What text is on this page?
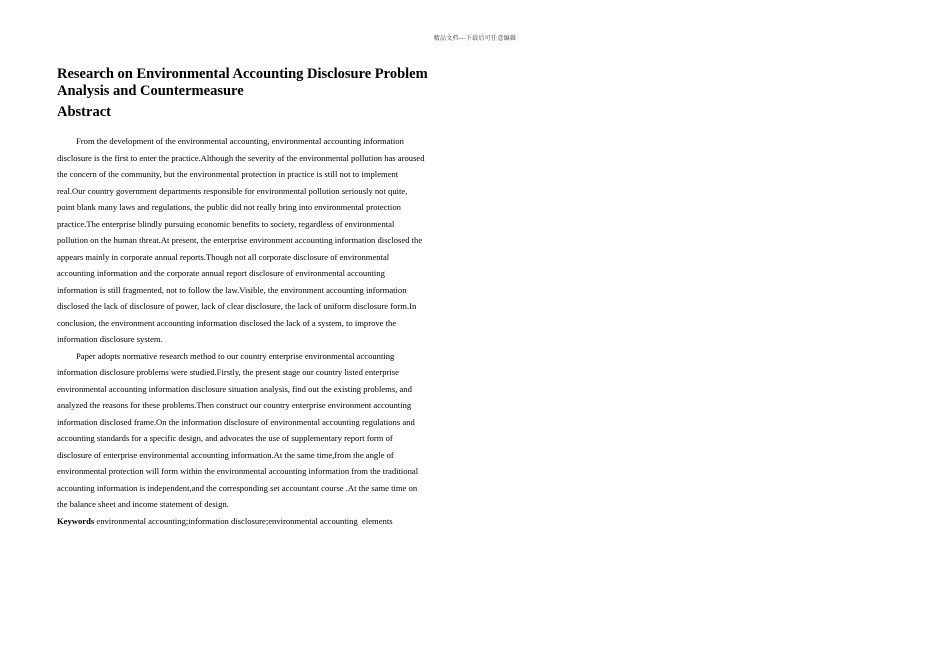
精品文档---下载后可任意编辑
Research on Environmental Accounting Disclosure Problem Analysis and Countermeasure
Abstract
From the development of the environmental accounting, environmental accounting information
disclosure is the first to enter the practice.Although the severity of the environmental pollution has aroused
the concern of the community, but the environmental protection in practice is still not to implement
real.Our country government departments responsible for environmental pollution seriously not quite,
point blank many laws and regulations, the public did not really bring into environmental protection
practice.The enterprise blindly pursuing economic benefits to society, regardless of environmental
pollution on the human threat.At present, the enterprise environment accounting information disclosed the
appears mainly in corporate annual reports.Though not all corporate disclosure of environmental
accounting information and the corporate annual report disclosure of environmental accounting
information is still fragmented, not to follow the law.Visible, the environment accounting information
disclosed the lack of disclosure of power, lack of clear disclosure, the lack of uniform disclosure form.In
conclusion, the environment accounting information disclosed the lack of a system, to improve the
information disclosure system.
Paper adopts normative research method to our country enterprise environmental accounting
information disclosure problems were studied.Firstly, the present stage our country listed enterprise
environmental accounting information disclosure situation analysis, find out the existing problems, and
analyzed the reasons for these problems.Then construct our country enterprise environment accounting
information disclosed frame.On the information disclosure of environmental accounting regulations and
accounting standards for a specific design, and advocates the use of supplementary report form of
disclosure of enterprise environmental accounting information.At the same time,from the angle of
environmental protection will form within the environmental accounting information from the traditional
accounting information is independent,and the corresponding set accountant course .At the same time on
the balance sheet and income statement of design.

Keywords environmental accounting;information disclosure;environmental accounting  elements
